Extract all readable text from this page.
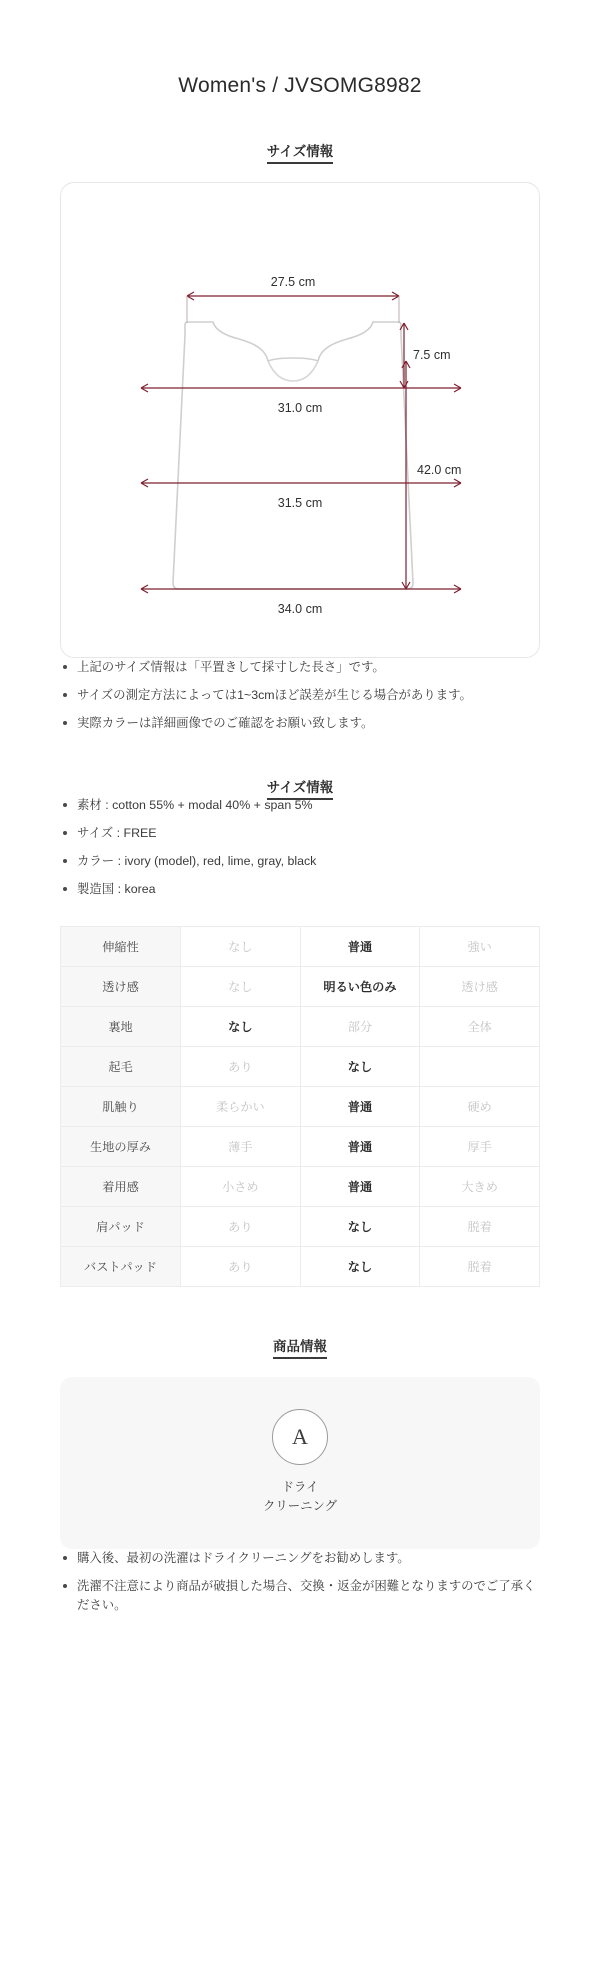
Women's / JVSOMG8982
サイズ情報
27.5 cm
7.5 cm
31.0 cm
42.0 cm
31.5 cm
34.0 cm
上記のサイズ情報は「平置きして採寸した長さ」です。
サイズの測定方法によっては1~3cmほど誤差が生じる場合があります。
実際カラーは詳細画像でのご確認をお願い致します。
サイズ情報
素材 : cotton 55% + modal 40% + span 5%
サイズ : FREE
カラー : ivory (model), red, lime, gray, black
製造国 : korea
伸縮性	なし	普通	強い
透け感	なし	明るい色のみ	透け感
裏地	なし	部分	全体
起毛	あり	なし	
肌触り	柔らかい	普通	硬め
生地の厚み	薄手	普通	厚手
着用感	小さめ	普通	大きめ
肩パッド	あり	なし	脱着
バストパッド	あり	なし	脱着
商品情報
A
ドライ
クリーニング
購入後、最初の洗濯はドライクリーニングをお勧めします。
洗濯不注意により商品が破損した場合、交換・返金が困難となりますのでご了承ください。
